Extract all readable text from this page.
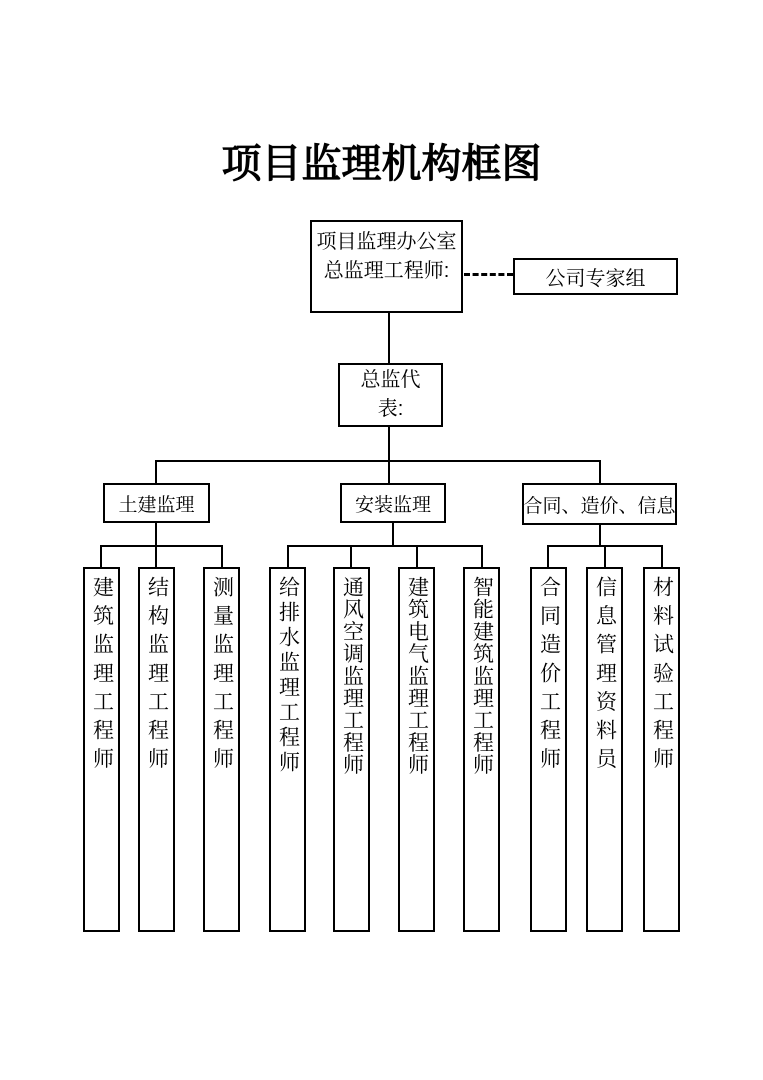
项目监理机构框图
项目监理办公室
总监理工程师:	公司专家组
总监代
表:
土建监理	安装监理	合同、造价、信息
建筑监理工程师 结构监理工程师 测量监理工程师 给排水监理工程师 通风空调监理工程师 建筑电气监理工程师 智能建筑监理工程师 合同造价工程师 信息管理资料员 材料试验工程师
